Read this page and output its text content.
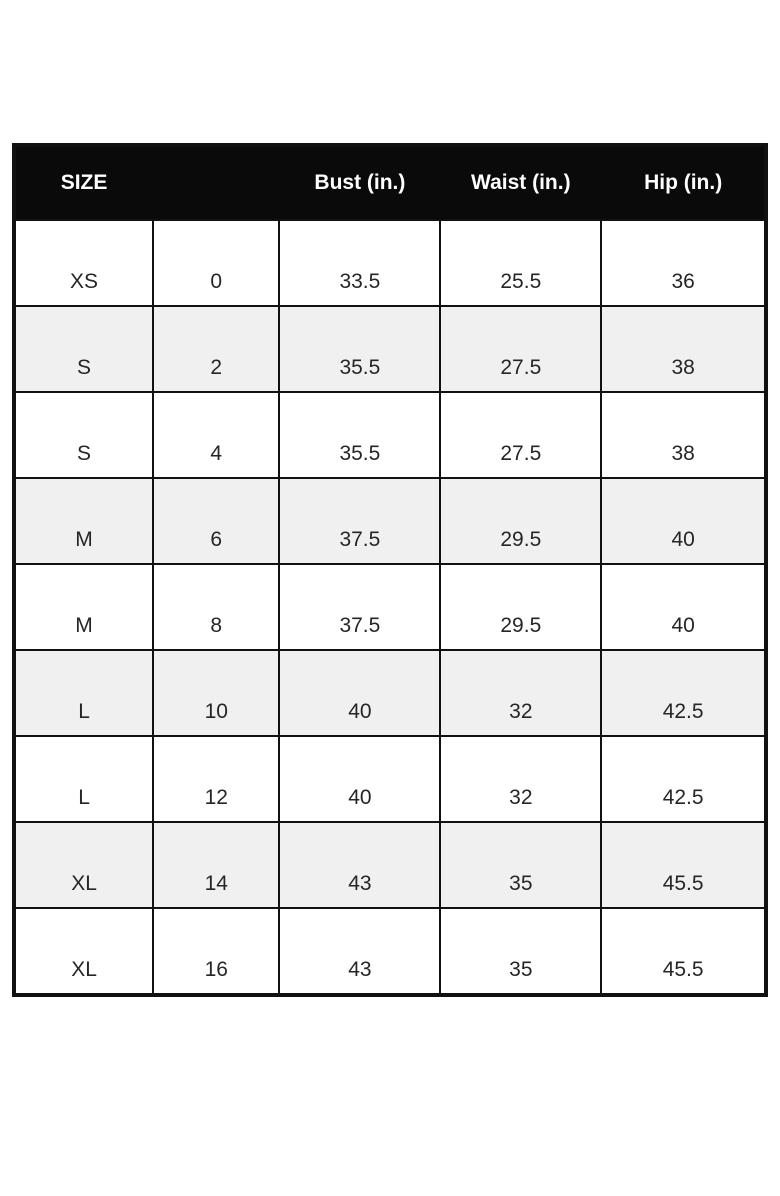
SIZE		Bust (in.)	Waist (in.)	Hip (in.)
XS	0	33.5	25.5	36
S	2	35.5	27.5	38
S	4	35.5	27.5	38
M	6	37.5	29.5	40
M	8	37.5	29.5	40
L	10	40	32	42.5
L	12	40	32	42.5
XL	14	43	35	45.5
XL	16	43	35	45.5
